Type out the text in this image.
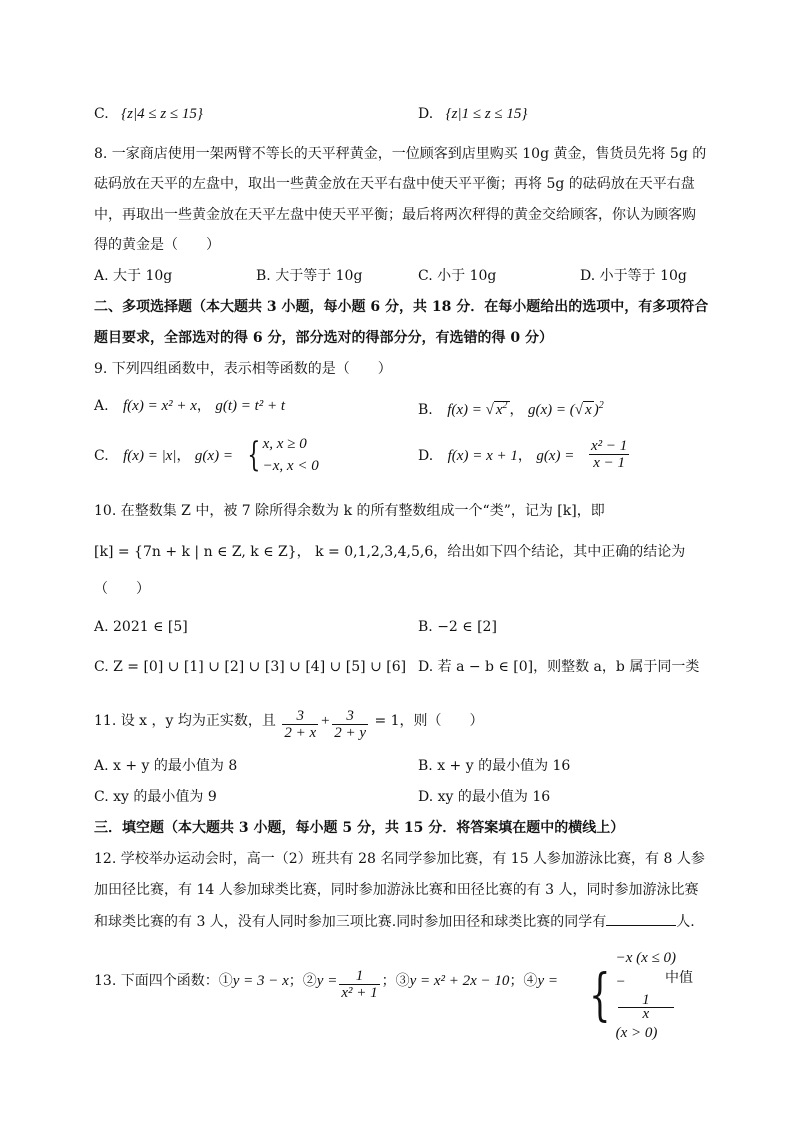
C. {z|4 ≤ z ≤ 15}	D. {z|1 ≤ z ≤ 15}
8. 一家商店使用一架两臂不等长的天平秤黄金，一位顾客到店里购买 10g 黄金，售货员先将 5g 的
砝码放在天平的左盘中，取出一些黄金放在天平右盘中使天平平衡；再将 5g 的砝码放在天平右盘
中，再取出一些黄金放在天平左盘中使天平平衡；最后将两次秤得的黄金交给顾客，你认为顾客购
得的黄金是（　　）
A. 大于 10g	B. 大于等于 10g	C. 小于 10g	D. 小于等于 10g
二、多项选择题（本大题共 3 小题，每小题 6 分，共 18 分．在每小题给出的选项中，有多项符合
题目要求，全部选对的得 6 分，部分选对的得部分分，有选错的得 0 分）
9. 下列四组函数中，表示相等函数的是（　　）
A. f(x) = x² + x， g(t) = t² + t	B. f(x) = √ $x^2$ ， g(x) = (√ x )$^2$
C. f(x) = |x|， g(x) = { x, x ≥ 0
−x, x < 0
D. f(x) = x + 1， $g(x) = \frac{\text{x² − 1}}{x - 1}$
10. 在整数集 Z 中，被 7 除所得余数为 k 的所有整数组成一个“类”，记为 [k]，即
[k] = {7n + k | n ∈ Z, k ∈ Z}， k = 0,1,2,3,4,5,6，给出如下四个结论，其中正确的结论为
（　　）
A. 2021 ∈ [5]	B. −2 ∈ [2]
C. Z = [0] ∪ [1] ∪ [2] ∪ [3] ∪ [4] ∪ [5] ∪ [6] D. 若 a − b ∈ [0]，则整数 a，b 属于同一类
11. 设 x ，y 均为正实数，且 $\frac{3}{2 + x} + \frac{3}{2 + y} = 1$，则（　　）
A. x + y 的最小值为 8	B. x + y 的最小值为 16
C. xy 的最小值为 9	D. xy 的最小值为 16
三．填空题（本大题共 3 小题，每小题 5 分，共 15 分．将答案填在题中的横线上）
12. 学校举办运动会时，高一（2）班共有 28 名同学参加比赛，有 15 人参加游泳比赛，有 8 人参
加田径比赛，有 14 人参加球类比赛，同时参加游泳比赛和田径比赛的有 3 人，同时参加游泳比赛
和球类比赛的有 3 人，没有人同时参加三项比赛.同时参加田径和球类比赛的同学有	人.
13. 下面四个函数：①y = 3 − x；②y = $\frac{1}{\text{x² + 1}}$ ；③y = x² + 2x − 10；④y = {
−x (x ≤ 0)
−
1
x
(x > 0)
中值
